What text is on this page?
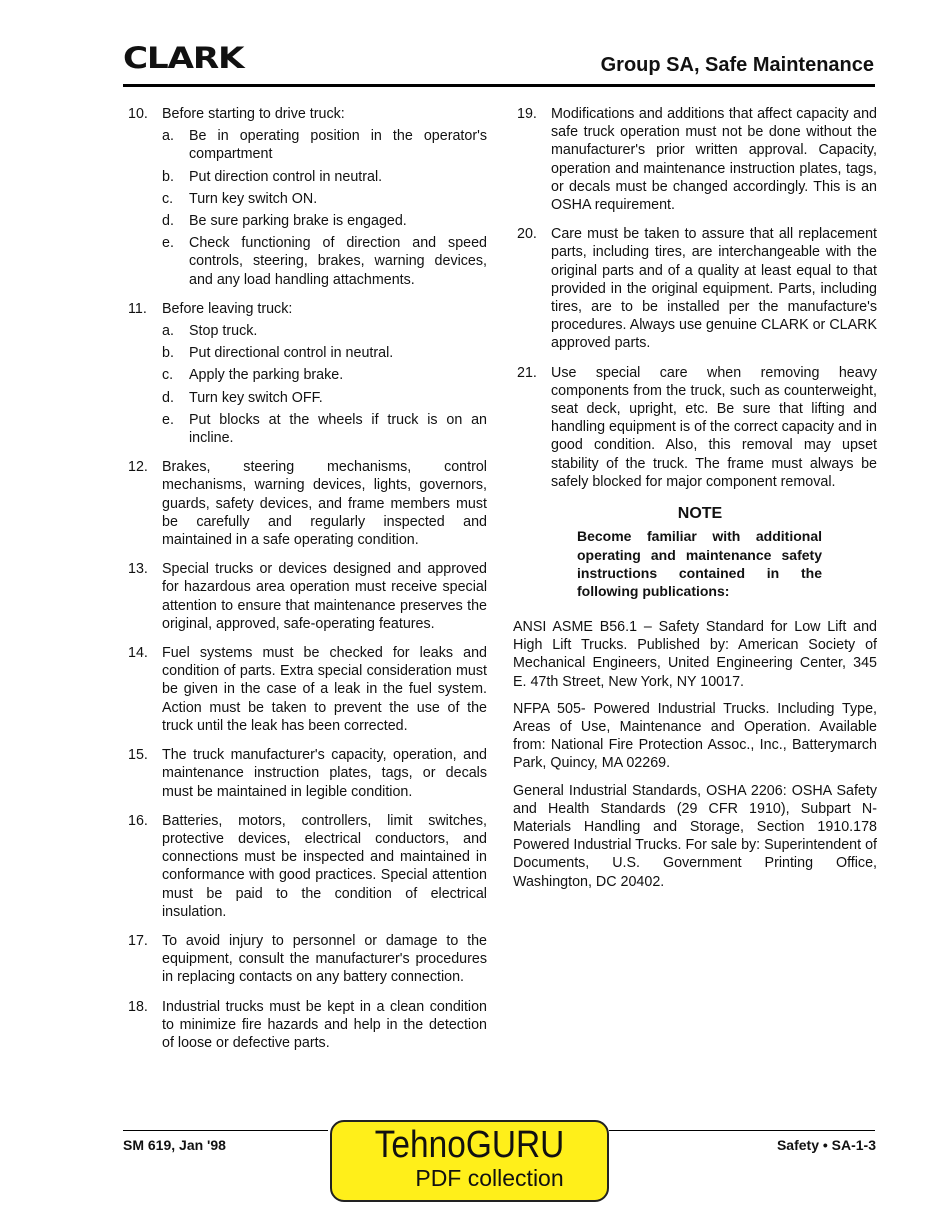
CLARK	Group SA, Safe Maintenance
10. Before starting to drive truck:
a. Be in operating position in the operator's compartment
b. Put direction control in neutral.
c. Turn key switch ON.
d. Be sure parking brake is engaged.
e. Check functioning of direction and speed controls, steering, brakes, warning devices, and any load handling attachments.
11. Before leaving truck:
a. Stop truck.
b. Put directional control in neutral.
c. Apply the parking brake.
d. Turn key switch OFF.
e. Put blocks at the wheels if truck is on an incline.
12. Brakes, steering mechanisms, control mechanisms, warning devices, lights, governors, guards, safety devices, and frame members must be carefully and regularly inspected and maintained in a safe operating condition.
13. Special trucks or devices designed and approved for hazardous area operation must receive special attention to ensure that maintenance preserves the original, approved, safe-operating features.
14. Fuel systems must be checked for leaks and condition of parts. Extra special consideration must be given in the case of a leak in the fuel system. Action must be taken to prevent the use of the truck until the leak has been corrected.
15. The truck manufacturer's capacity, operation, and maintenance instruction plates, tags, or decals must be maintained in legible condition.
16. Batteries, motors, controllers, limit switches, protective devices, electrical conductors, and connections must be inspected and maintained in conformance with good practices. Special attention must be paid to the condition of electrical insulation.
17. To avoid injury to personnel or damage to the equipment, consult the manufacturer's procedures in replacing contacts on any battery connection.
18. Industrial trucks must be kept in a clean condition to minimize fire hazards and help in the detection of loose or defective parts.
19. Modifications and additions that affect capacity and safe truck operation must not be done without the manufacturer's prior written approval. Capacity, operation and maintenance instruction plates, tags, or decals must be changed accordingly. This is an OSHA requirement.
20. Care must be taken to assure that all replacement parts, including tires, are interchangeable with the original parts and of a quality at least equal to that provided in the original equipment. Parts, including tires, are to be installed per the manufacture's procedures. Always use genuine CLARK or CLARK approved parts.
21. Use special care when removing heavy components from the truck, such as counterweight, seat deck, upright, etc. Be sure that lifting and handling equipment is of the correct capacity and in good condition. Also, this removal may upset stability of the truck. The frame must always be safely blocked for major component removal.
NOTE
Become familiar with additional operating and maintenance safety instructions contained in the following publications:
ANSI ASME B56.1 – Safety Standard for Low Lift and High Lift Trucks. Published by: American Society of Mechanical Engineers, United Engineering Center, 345 E. 47th Street, New York, NY 10017.
NFPA 505- Powered Industrial Trucks. Including Type, Areas of Use, Maintenance and Operation. Available from: National Fire Protection Assoc., Inc., Batterymarch Park, Quincy, MA 02269.
General Industrial Standards, OSHA 2206: OSHA Safety and Health Standards (29 CFR 1910), Subpart N-Materials Handling and Storage, Section 1910.178 Powered Industrial Trucks. For sale by: Superintendent of Documents, U.S. Government Printing Office, Washington, DC 20402.
SM 619, Jan '98	Safety • SA-1-3
TehnoGURU
PDF collection
